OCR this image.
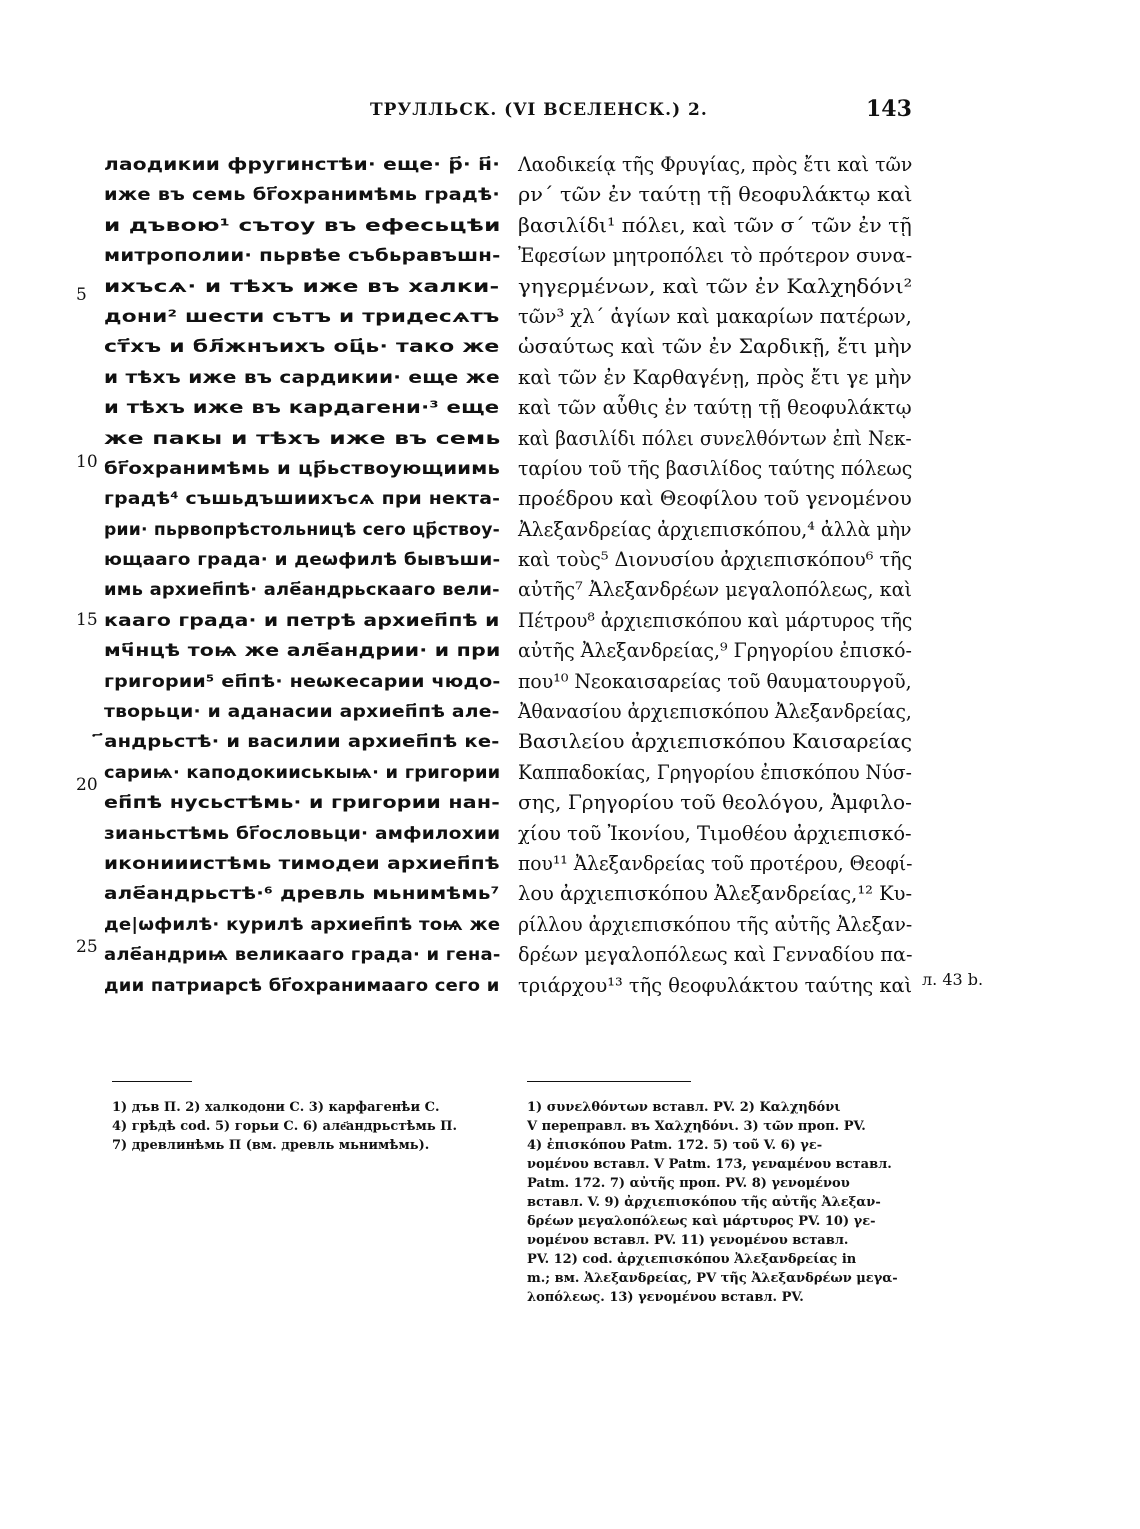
ТРУЛЛЬСК. (VI ВСЕЛЕНСК.) 2.	143
лаодикии фругинстѣи· еще· р҃· н҃·
иже въ семь бг҃охранимѣмь градѣ·
и дъвою¹ сътоу въ ефесьцѣи
митрополии· пьрвѣе събьравъшн-
ихъсѧ· и тѣхъ иже въ халки-
дони² шести сътъ и тридесѧтъ
ст҃хъ и бл҃жнъихъ оц҃ь· тако же
и тѣхъ иже въ сардикии· еще же
и тѣхъ иже въ кардагени·³ еще
же пакы и тѣхъ иже въ семь
бг҃охранимѣмь и цр҃ьствоующиимь
градѣ⁴ съшьдъшиихъсѧ при некта-
рии· пьрвопрѣстольницѣ сего цр҃ствоу-
ющааго града· и деѡфилѣ бывъши-
имь архиеп҃пѣ· але҃андрьскааго вели-
кааго града· и петрѣ архиеп҃пѣ и
мч҃нцѣ тоѩ же але҃андрии· и при
григории⁵ еп҃пѣ· неѡкесарии чюдо-
творьци· и аданасии архиеп҃пѣ але-
҃андрьстѣ· и василии архиеп҃пѣ ке-
сариѩ· каподокииськыѩ· и григории
еп҃пѣ нусьстѣмь· и григории нан-
зианьстѣмь бг҃ословьци· амфилохии
иконииистѣмь тимодеи архиеп҃пѣ
але҃андрьстѣ·⁶ древль мьнимѣмь⁷
де|ѡфилѣ· курилѣ архиеп҃пѣ тоѩ же
але҃андриѩ великааго града· и гена-
дии патриарсѣ бг҃охранимааго сего и
5
10
15
20
25
Λαοδικείᾳ τῆς Φρυγίας, πρὸς ἔτι καὶ τῶν
ρν΄ τῶν ἐν ταύτῃ τῇ θεοφυλάκτῳ καὶ
βασιλίδι¹ πόλει, καὶ τῶν σ΄ τῶν ἐν τῇ
Ἐφεσίων μητροπόλει τὸ πρότερον συνα-
γηγερμένων, καὶ τῶν ἐν Καλχηδόνι²
τῶν³ χλ΄ ἁγίων καὶ μακαρίων πατέρων,
ὡσαύτως καὶ τῶν ἐν Σαρδικῇ, ἔτι μὴν
καὶ τῶν ἐν Καρθαγένῃ, πρὸς ἔτι γε μὴν
καὶ τῶν αὖθις ἐν ταύτῃ τῇ θεοφυλάκτῳ
καὶ βασιλίδι πόλει συνελθόντων ἐπὶ Νεκ-
ταρίου τοῦ τῆς βασιλίδος ταύτης πόλεως
προέδρου καὶ Θεοφίλου τοῦ γενομένου
Ἀλεξανδρείας ἀρχιεπισκόπου,⁴ ἀλλὰ μὴν
καὶ τοὺς⁵ Διονυσίου ἀρχιεπισκόπου⁶ τῆς
αὐτῆς⁷ Ἀλεξανδρέων μεγαλοπόλεως, καὶ
Πέτρου⁸ ἀρχιεπισκόπου καὶ μάρτυρος τῆς
αὐτῆς Ἀλεξανδρείας,⁹ Γρηγορίου ἐπισκό-
που¹⁰ Νεοκαισαρείας τοῦ θαυματουργοῦ,
Ἀθανασίου ἀρχιεπισκόπου Ἀλεξανδρείας,
Βασιλείου ἀρχιεπισκόπου Καισαρείας
Καππαδοκίας, Γρηγορίου ἐπισκόπου Νύσ-
σης, Γρηγορίου τοῦ θεολόγου, Ἀμφιλο-
χίου τοῦ Ἰκονίου, Τιμοθέου ἀρχιεπισκό-
που¹¹ Ἀλεξανδρείας τοῦ προτέρου, Θεοφί-
λου ἀρχιεπισκόπου Ἀλεξανδρείας,¹² Κυ-
ρίλλου ἀρχιεπισκόπου τῆς αὐτῆς Ἀλεξαν-
δρέων μεγαλοπόλεως καὶ Γενναδίου πα-
τριάρχου¹³ τῆς θεοφυλάκτου ταύτης καὶ л. 43 b.
1) дъв П. 2) халкодони С. 3) карфагенѣи С.
4) грѣдѣ cod. 5) горьи С. 6) але҃андрьстѣмь П.
7) древлинѣмь П (вм. древль мьнимѣмь).
1) συνελθόντων вставл. PV. 2) Καλχηδόνι
V переправл. въ Χαλχηδόνι. 3) τῶν проп. PV.
4) ἐπισκόπου Patm. 172. 5) τοῦ V. 6) γε-
νομένου вставл. V Patm. 173, γεναμένου вставл.
Patm. 172. 7) αὐτῆς проп. PV. 8) γενομένου
вставл. V. 9) ἀρχιεπισκόπου τῆς αὐτῆς Ἀλεξαν-
δρέων μεγαλοπόλεως καὶ μάρτυρος PV. 10) γε-
νομένου вставл. PV. 11) γενομένου вставл.
PV. 12) cod. ἀρχιεπισκόπου Ἀλεξανδρείας in
m.; вм. Ἀλεξανδρείας, PV τῆς Ἀλεξανδρέων μεγα-
λοπόλεως. 13) γενομένου вставл. PV.
